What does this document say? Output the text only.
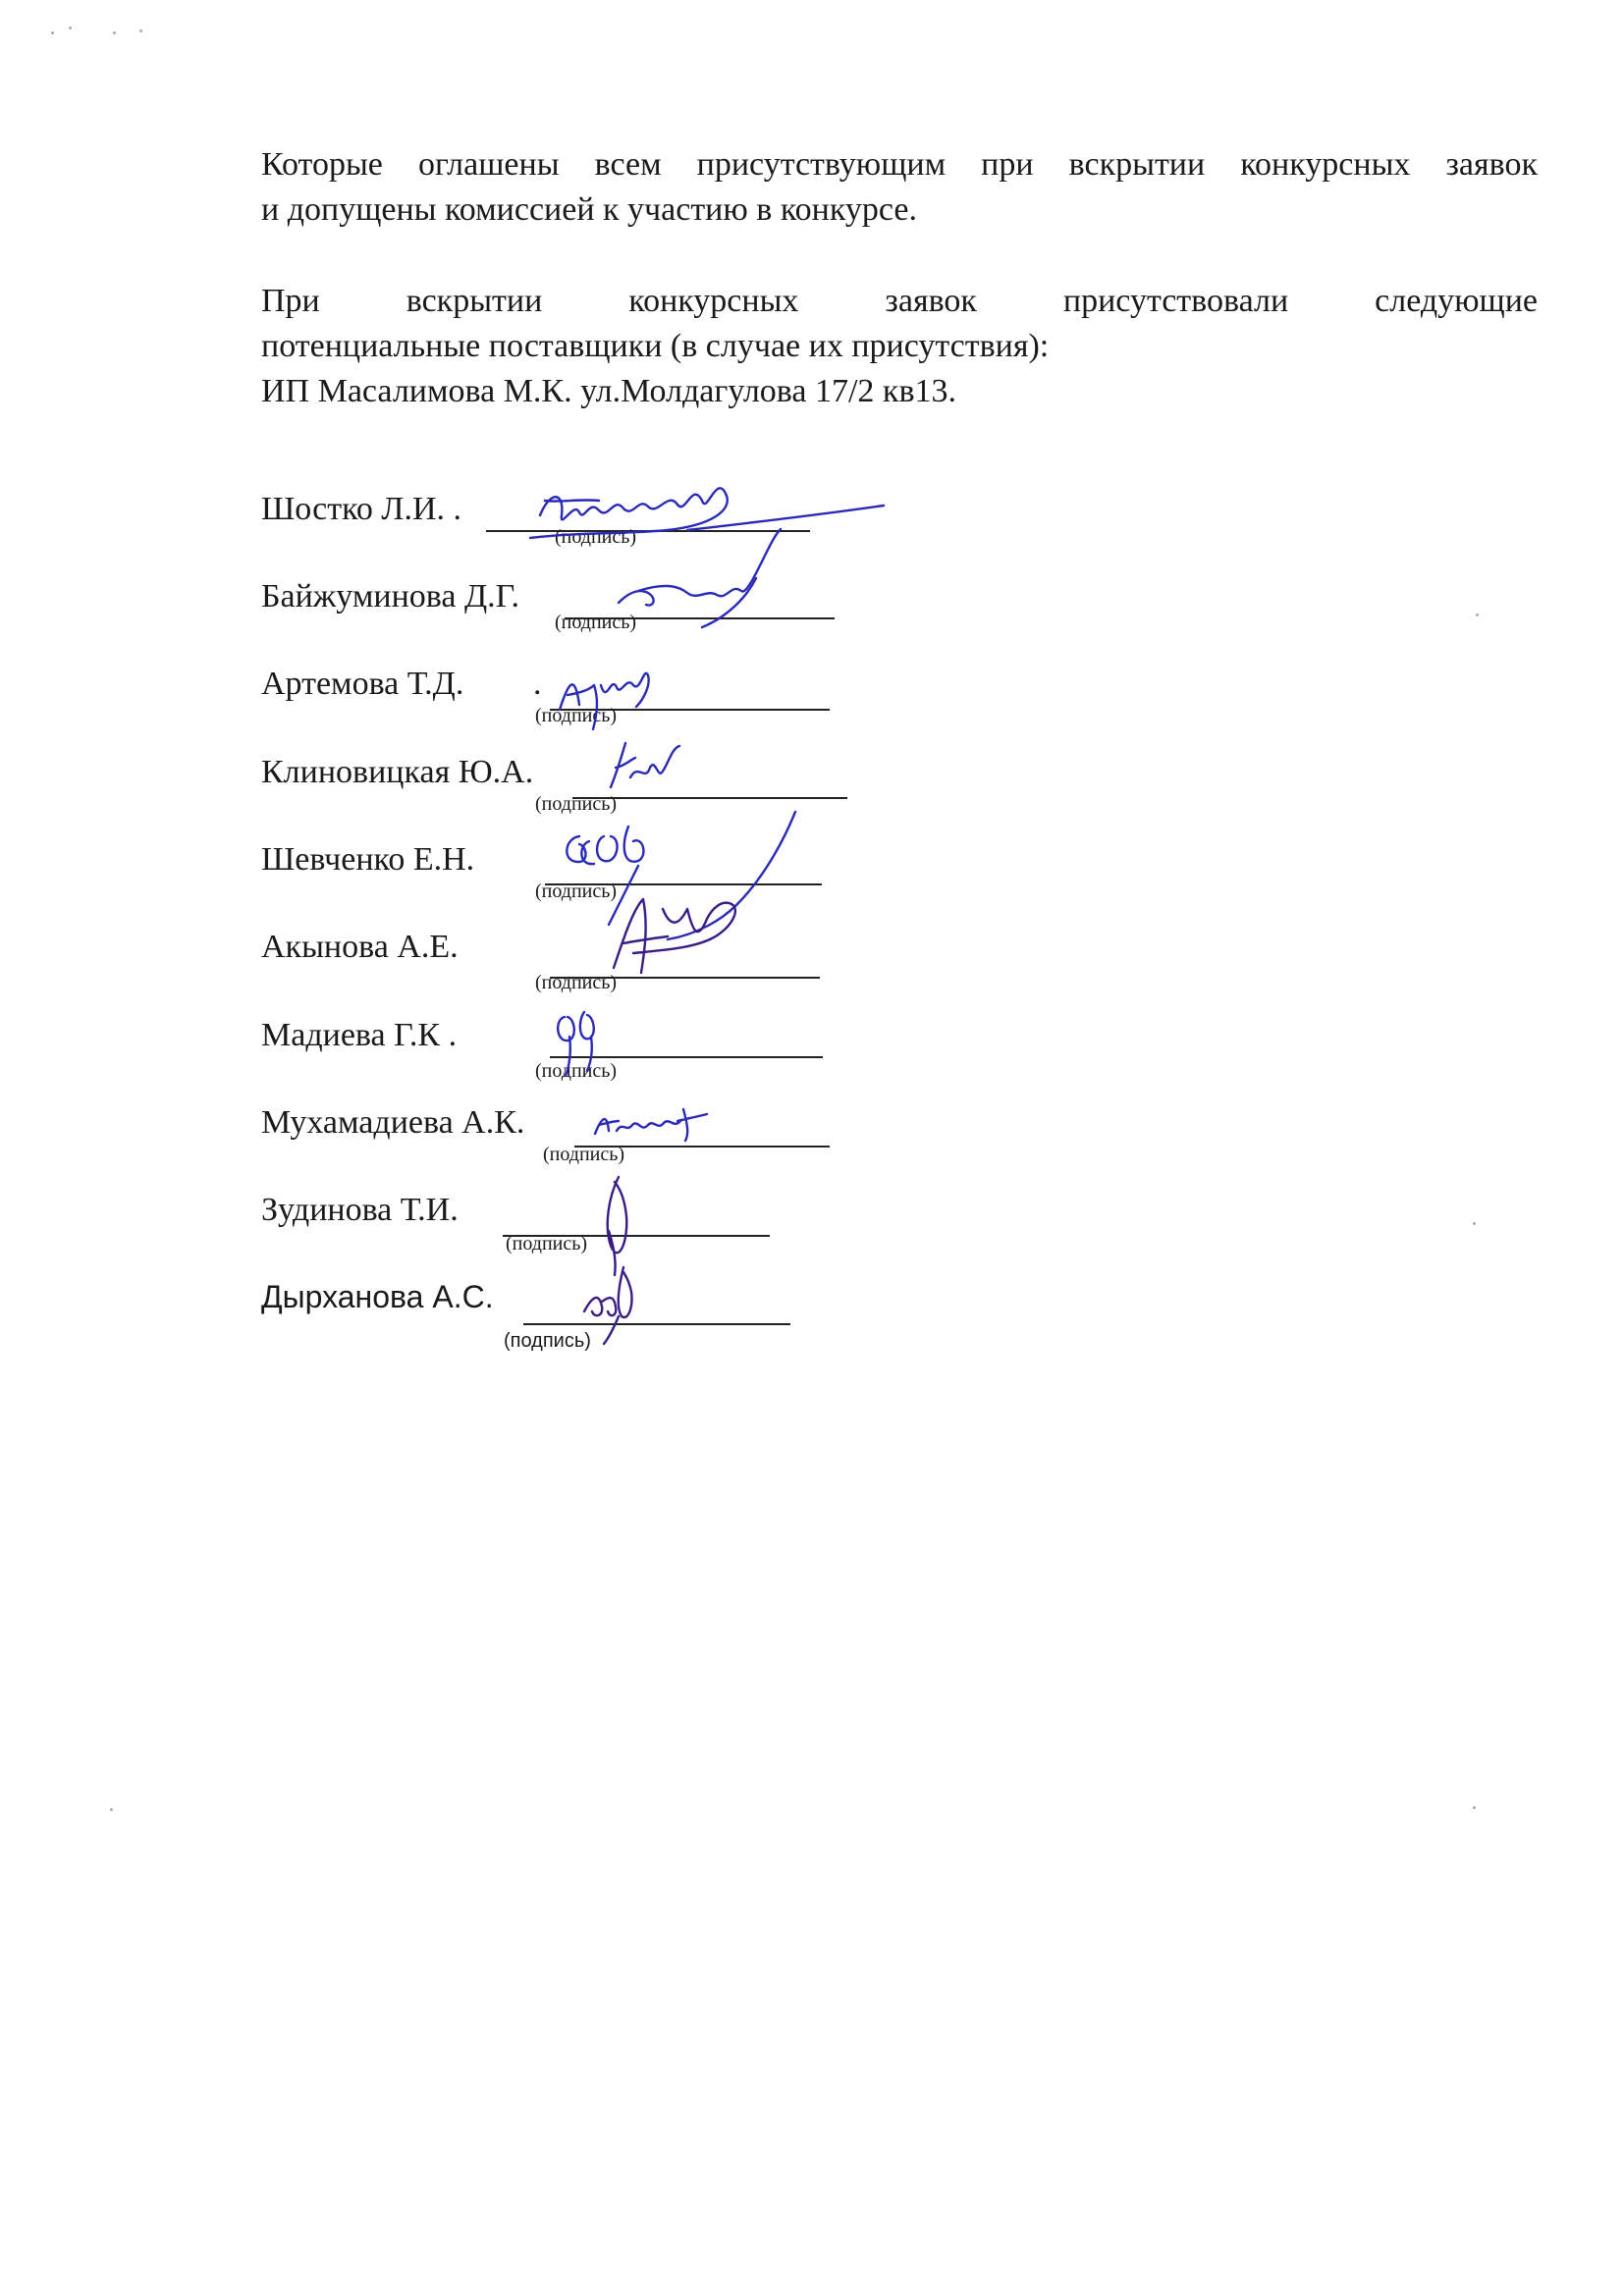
Которые оглашены всем присутствующим при вскрытии конкурсных заявок
и допущены комиссией к участию в конкурсе.
При вскрытии конкурсных заявок присутствовали следующие
потенциальные поставщики (в случае их присутствия):
ИП Масалимова М.К. ул.Молдагулова 17/2 кв13.
Шостко Л.И. .
(подпись)
Байжуминова Д.Г.
(подпись)
Артемова Т.Д. .
(подпись)
Клиновицкая Ю.А.
(подпись)
Шевченко Е.Н.
(подпись)
Акынова А.Е.
(подпись)
Мадиева Г.К .
(подпись)
Мухамадиева А.К.
(подпись)
Зудинова Т.И.
(подпись)
Дырханова А.С.
(подпись)
